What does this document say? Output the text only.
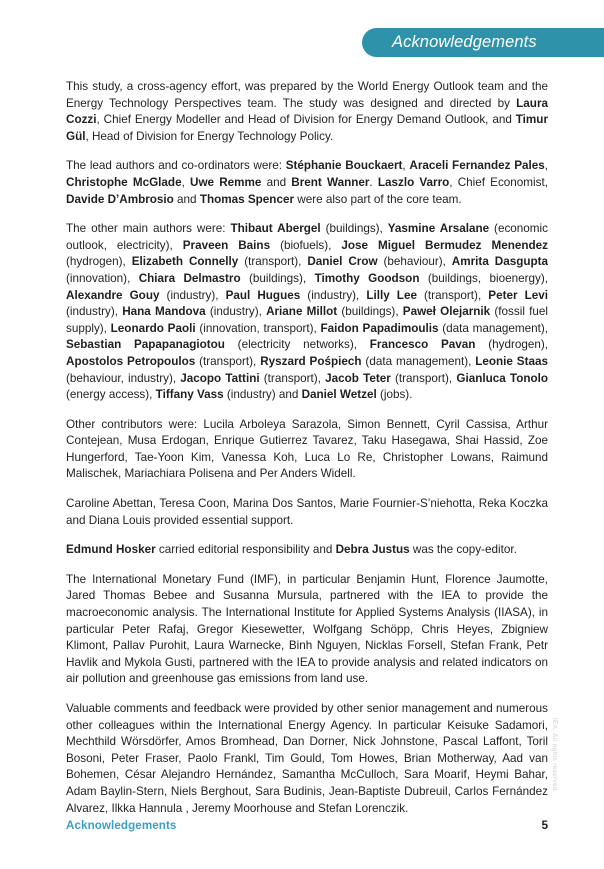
Acknowledgements

This study, a cross-agency effort, was prepared by the World Energy Outlook team and the Energy Technology Perspectives team. The study was designed and directed by Laura Cozzi, Chief Energy Modeller and Head of Division for Energy Demand Outlook, and Timur Gül, Head of Division for Energy Technology Policy.

The lead authors and co-ordinators were: Stéphanie Bouckaert, Araceli Fernandez Pales, Christophe McGlade, Uwe Remme and Brent Wanner. Laszlo Varro, Chief Economist, Davide D’Ambrosio and Thomas Spencer were also part of the core team.

The other main authors were: Thibaut Abergel (buildings), Yasmine Arsalane (economic outlook, electricity), Praveen Bains (biofuels), Jose Miguel Bermudez Menendez (hydrogen), Elizabeth Connelly (transport), Daniel Crow (behaviour), Amrita Dasgupta (innovation), Chiara Delmastro (buildings), Timothy Goodson (buildings, bioenergy), Alexandre Gouy (industry), Paul Hugues (industry), Lilly Lee (transport), Peter Levi (industry), Hana Mandova (industry), Ariane Millot (buildings), Paweł Olejarnik (fossil fuel supply), Leonardo Paoli (innovation, transport), Faidon Papadimoulis (data management), Sebastian Papapanagiotou (electricity networks), Francesco Pavan (hydrogen), Apostolos Petropoulos (transport), Ryszard Pośpiech (data management), Leonie Staas (behaviour, industry), Jacopo Tattini (transport), Jacob Teter (transport), Gianluca Tonolo (energy access), Tiffany Vass (industry) and Daniel Wetzel (jobs).

Other contributors were: Lucila Arboleya Sarazola, Simon Bennett, Cyril Cassisa, Arthur Contejean, Musa Erdogan, Enrique Gutierrez Tavarez, Taku Hasegawa, Shai Hassid, Zoe Hungerford, Tae-Yoon Kim, Vanessa Koh, Luca Lo Re, Christopher Lowans, Raimund Malischek, Mariachiara Polisena and Per Anders Widell.

Caroline Abettan, Teresa Coon, Marina Dos Santos, Marie Fournier-S’niehotta, Reka Koczka and Diana Louis provided essential support.

Edmund Hosker carried editorial responsibility and Debra Justus was the copy-editor.

The International Monetary Fund (IMF), in particular Benjamin Hunt, Florence Jaumotte, Jared Thomas Bebee and Susanna Mursula, partnered with the IEA to provide the macroeconomic analysis. The International Institute for Applied Systems Analysis (IIASA), in particular Peter Rafaj, Gregor Kiesewetter, Wolfgang Schöpp, Chris Heyes, Zbigniew Klimont, Pallav Purohit, Laura Warnecke, Binh Nguyen, Nicklas Forsell, Stefan Frank, Petr Havlik and Mykola Gusti, partnered with the IEA to provide analysis and related indicators on air pollution and greenhouse gas emissions from land use.

Valuable comments and feedback were provided by other senior management and numerous other colleagues within the International Energy Agency. In particular Keisuke Sadamori, Mechthild Wörsdörfer, Amos Bromhead, Dan Dorner, Nick Johnstone, Pascal Laffont, Toril Bosoni, Peter Fraser, Paolo Frankl, Tim Gould, Tom Howes, Brian Motherway, Aad van Bohemen, César Alejandro Hernández, Samantha McCulloch, Sara Moarif, Heymi Bahar, Adam Baylin-Stern, Niels Berghout, Sara Budinis, Jean-Baptiste Dubreuil, Carlos Fernández Alvarez, Ilkka Hannula , Jeremy Moorhouse and Stefan Lorenczik.

IEA. All rights reserved.
Acknowledgements	5
